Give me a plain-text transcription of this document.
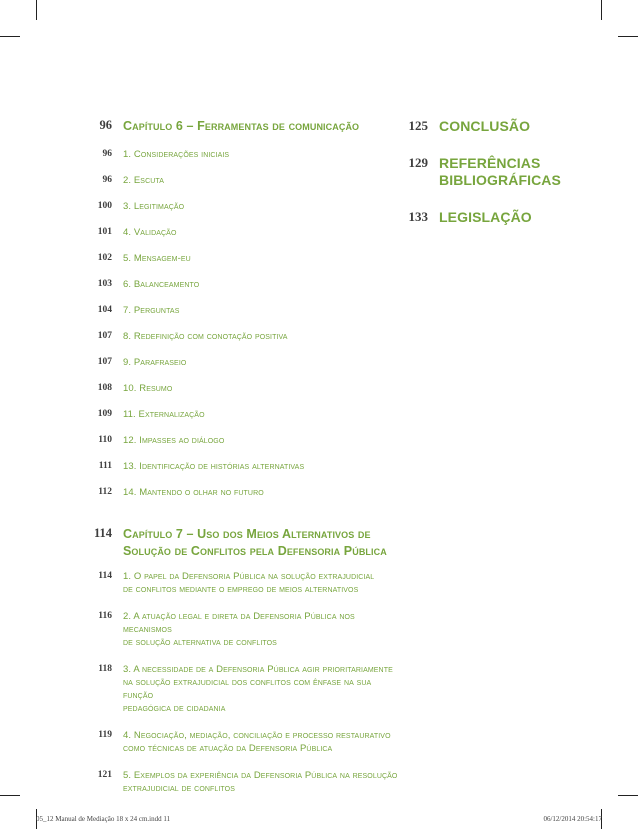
96 Capítulo 6 – Ferramentas de comunicação
96 1. Considerações iniciais
96 2. Escuta
100 3. Legitimação
101 4. Validação
102 5. Mensagem-eu
103 6. Balanceamento
104 7. Perguntas
107 8. Redefinição com conotação positiva
107 9. Parafraseio
108 10. Resumo
109 11. Externalização
110 12. Impasses ao diálogo
111 13. Identificação de histórias alternativas
112 14. Mantendo o olhar no futuro
114 Capítulo 7 – Uso dos Meios Alternativos de
Solução de Conflitos pela Defensoria Pública
114 1. O papel da Defensoria Pública na solução extrajudicial
de conflitos mediante o emprego de meios alternativos
116 2. A atuação legal e direta da Defensoria Pública nos mecanismos
de solução alternativa de conflitos
118 3. A necessidade de a Defensoria Pública agir prioritariamente
na solução extrajudicial dos conflitos com ênfase na sua função
pedagógica de cidadania
119 4. Negociação, mediação, conciliação e processo restaurativo
como técnicas de atuação da Defensoria Pública
121 5. Exemplos da experiência da Defensoria Pública na resolução
extrajudicial de conflitos
125 CONCLUSÃO
129 REFERÊNCIAS
BIBLIOGRÁFICAS
133 LEGISLAÇÃO
05_12 Manual de Mediação 18 x 24 cm.indd 11	06/12/2014 20:54:17
